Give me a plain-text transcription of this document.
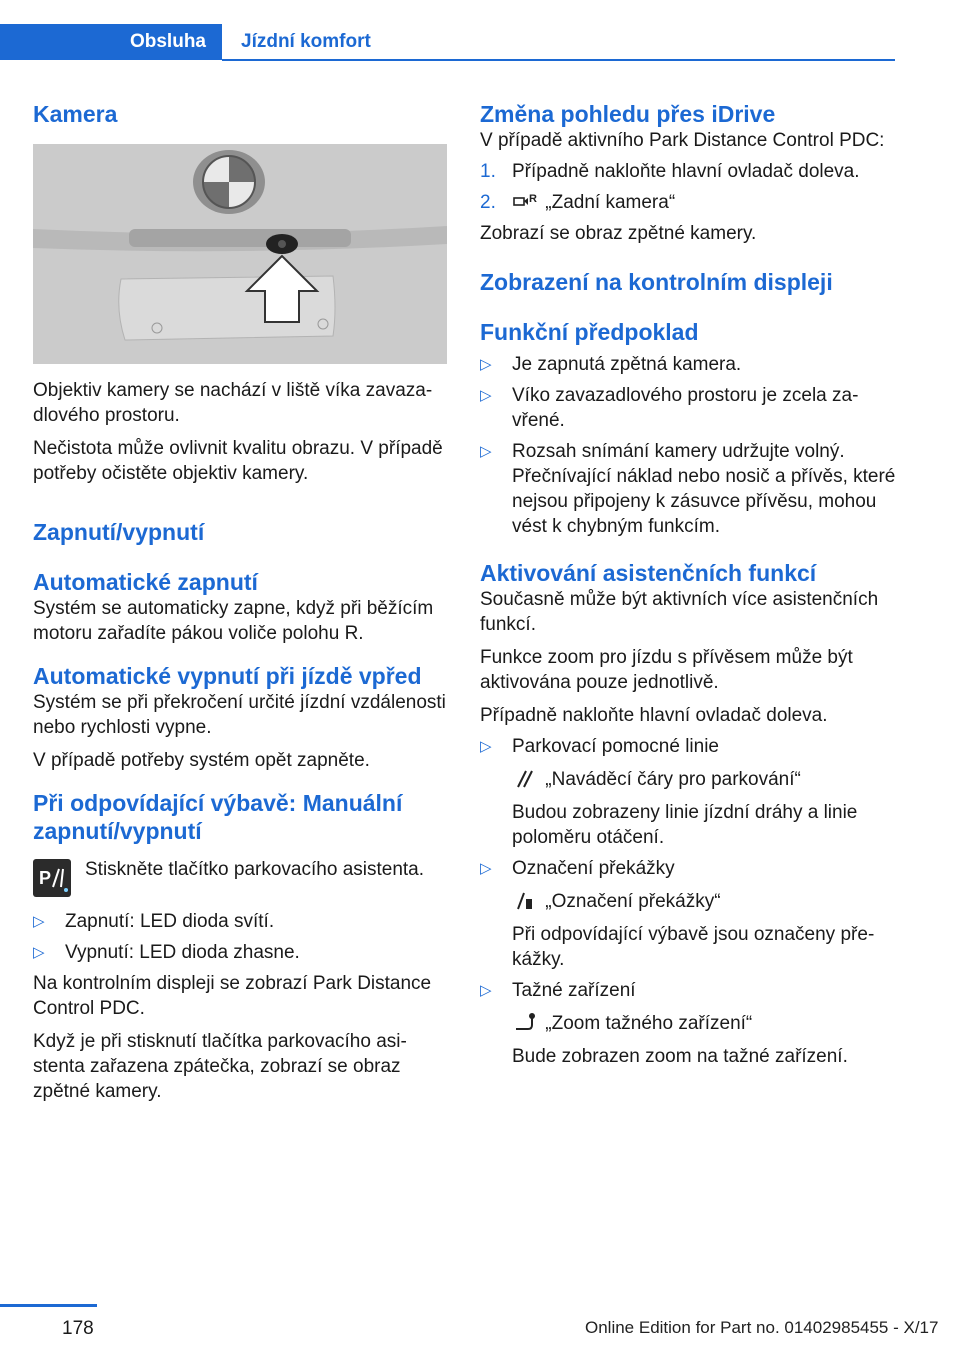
Obsluha	Jízdní komfort
Kamera

Objektiv kamery se nachází v liště víka zavazadlového prostoru.

Nečistota může ovlivnit kvalitu obrazu. V případě potřeby očistěte objektiv kamery.

Zapnutí/vypnutí
Automatické zapnutí

Systém se automaticky zapne, když při běžícím motoru zařadíte pákou voliče polohu R.

Automatické vypnutí při jízdě vpřed

Systém se při překročení určité jízdní vzdálenosti nebo rychlosti vypne.

V případě potřeby systém opět zapněte.

Při odpovídající výbavě: Manuální zapnutí/vypnutí
P Stiskněte tlačítko parkovacího asistenta.

▷ Zapnutí: LED dioda svítí.
▷ Vypnutí: LED dioda zhasne.

Na kontrolním displeji se zobrazí Park Distance Control PDC.

Když je při stisknutí tlačítka parkovacího asistenta zařazena zpátečka, zobrazí se obraz zpětné kamery.

Změna pohledu přes iDrive

V případě aktivního Park Distance Control PDC:

1. Případně nakloňte hlavní ovladač doleva.
2.	R „Zadní kamera“

Zobrazí se obraz zpětné kamery.

Zobrazení na kontrolním displeji
Funkční předpoklad
▷ Je zapnutá zpětná kamera.
▷ Víko zavazadlového prostoru je zcela zavřené.
▷ Rozsah snímání kamery udržujte volný. Přečnívající náklad nebo nosič a přívěs, které nejsou připojeny k zásuvce přívěsu, mohou vést k chybným funkcím.
Aktivování asistenčních funkcí

Současně může být aktivních více asistenčních funkcí.

Funkce zoom pro jízdu s přívěsem může být aktivována pouze jednotlivě.

Případně nakloňte hlavní ovladač doleva.

▷ Parkovací pomocné linie
„Naváděcí čáry pro parkování“
Budou zobrazeny linie jízdní dráhy a linie poloměru otáčení.
▷ Označení překážky
„Označení překážky“
Při odpovídající výbavě jsou označeny překážky.
▷ Tažné zařízení
„Zoom tažného zařízení“
Bude zobrazen zoom na tažné zařízení.
178	Online Edition for Part no. 01402985455 - X/17
